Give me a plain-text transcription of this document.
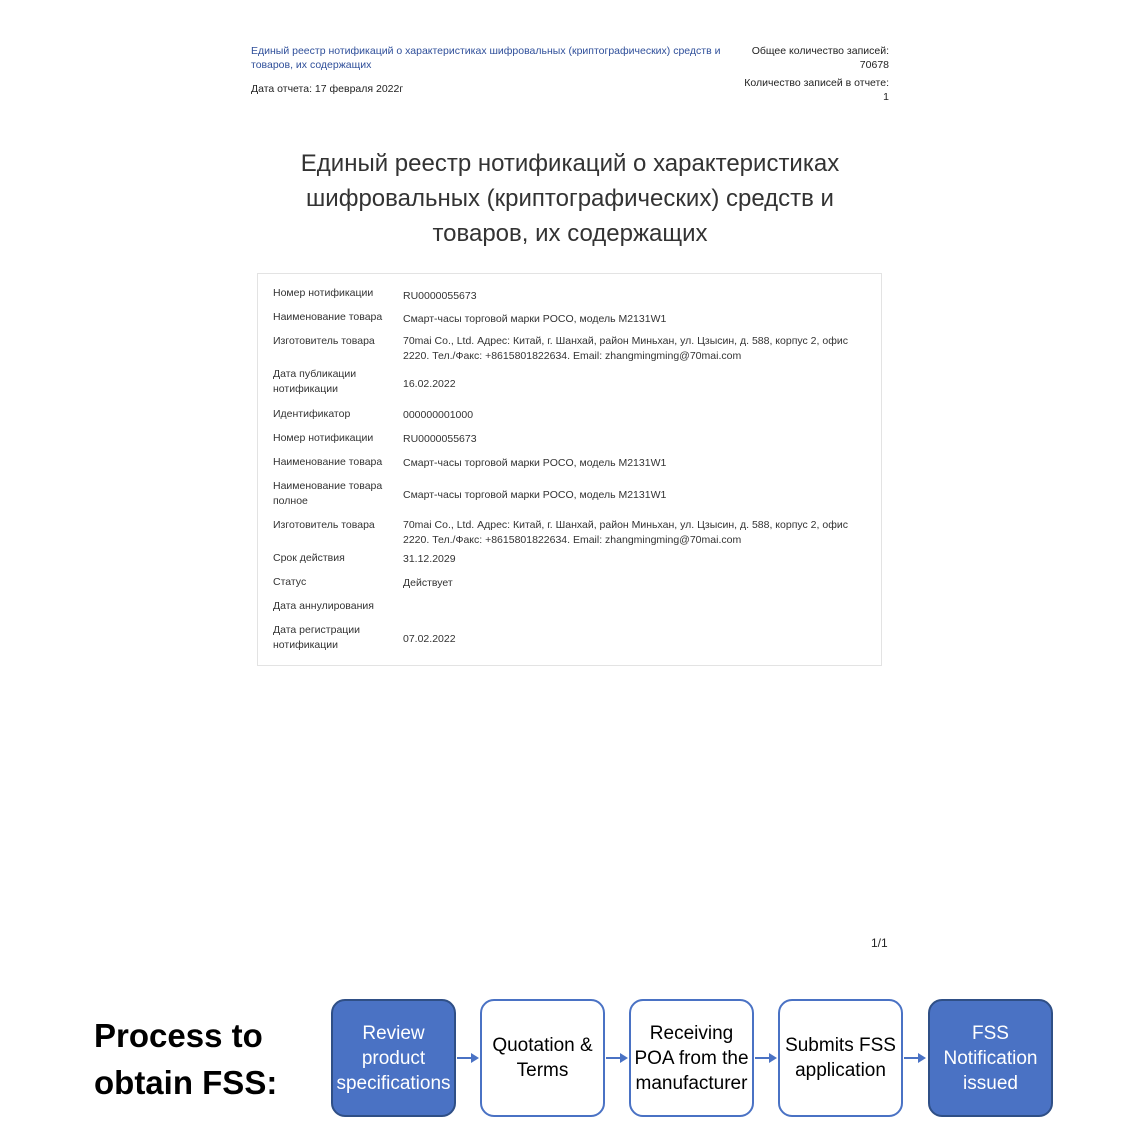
Единый реестр нотификаций о характеристиках шифровальных (криптографических) средств и товаров, их содержащих
Дата отчета: 17 февраля 2022г
Общее количество записей: 70678
Количество записей в отчете: 1
Единый реестр нотификаций о характеристиках шифровальных (криптографических) средств и товаров, их содержащих
Номер нотификации	RU0000055673
Наименование товара	Смарт-часы торговой марки POCO, модель M2131W1
Изготовитель товара	70mai Co., Ltd. Адрес: Китай, г. Шанхай, район Миньхан, ул. Цзысин, д. 588, корпус 2, офис 2220. Тел./Факс: +8615801822634. Email: zhangmingming@70mai.com
Дата публикации нотификации	16.02.2022
Идентификатор	000000001000
Номер нотификации	RU0000055673
Наименование товара	Смарт-часы торговой марки POCO, модель M2131W1
Наименование товара полное	Смарт-часы торговой марки POCO, модель M2131W1
Изготовитель товара	70mai Co., Ltd. Адрес: Китай, г. Шанхай, район Миньхан, ул. Цзысин, д. 588, корпус 2, офис 2220. Тел./Факс: +8615801822634. Email: zhangmingming@70mai.com
Срок действия	31.12.2029
Статус	Действует
Дата аннулирования
Дата регистрации нотификации	07.02.2022
1/1
Process to obtain FSS:
Review product specifications
Quotation & Terms
Receiving POA from the manufacturer
Submits FSS application
FSS Notification issued
